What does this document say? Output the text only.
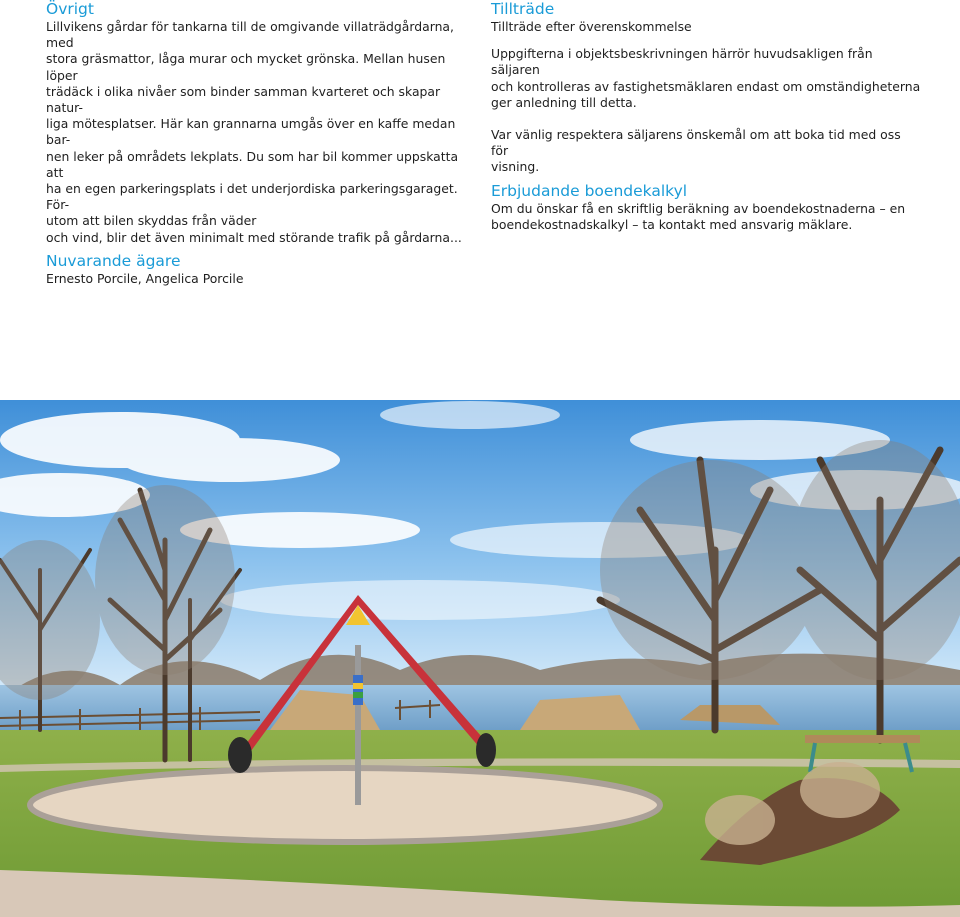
Övrigt

Lillvikens gårdar för tankarna till de omgivande villaträdgårdarna, med

stora gräsmattor, låga murar och mycket grönska. Mellan husen löper

trädäck i olika nivåer som binder samman kvarteret och skapar natur-

liga mötesplatser. Här kan grannarna umgås över en kaffe medan bar-

nen leker på områdets lekplats. Du som har bil kommer uppskatta att

ha en egen parkeringsplats i det underjordiska parkeringsgaraget. För-

utom att bilen skyddas från väder

och vind, blir det även minimalt med störande trafik på gårdarna...

Nuvarande ägare

Ernesto Porcile, Angelica Porcile

Tillträde

Tillträde efter överenskommelse

Uppgifterna i objektsbeskrivningen härrör huvudsakligen från säljaren

och kontrolleras av fastighetsmäklaren endast om omständigheterna

ger anledning till detta.

Var vänlig respektera säljarens önskemål om att boka tid med oss för

visning.

Erbjudande boendekalkyl

Om du önskar få en skriftlig beräkning av boendekostnaderna – en

boendekostnadskalkyl – ta kontakt med ansvarig mäklare.
